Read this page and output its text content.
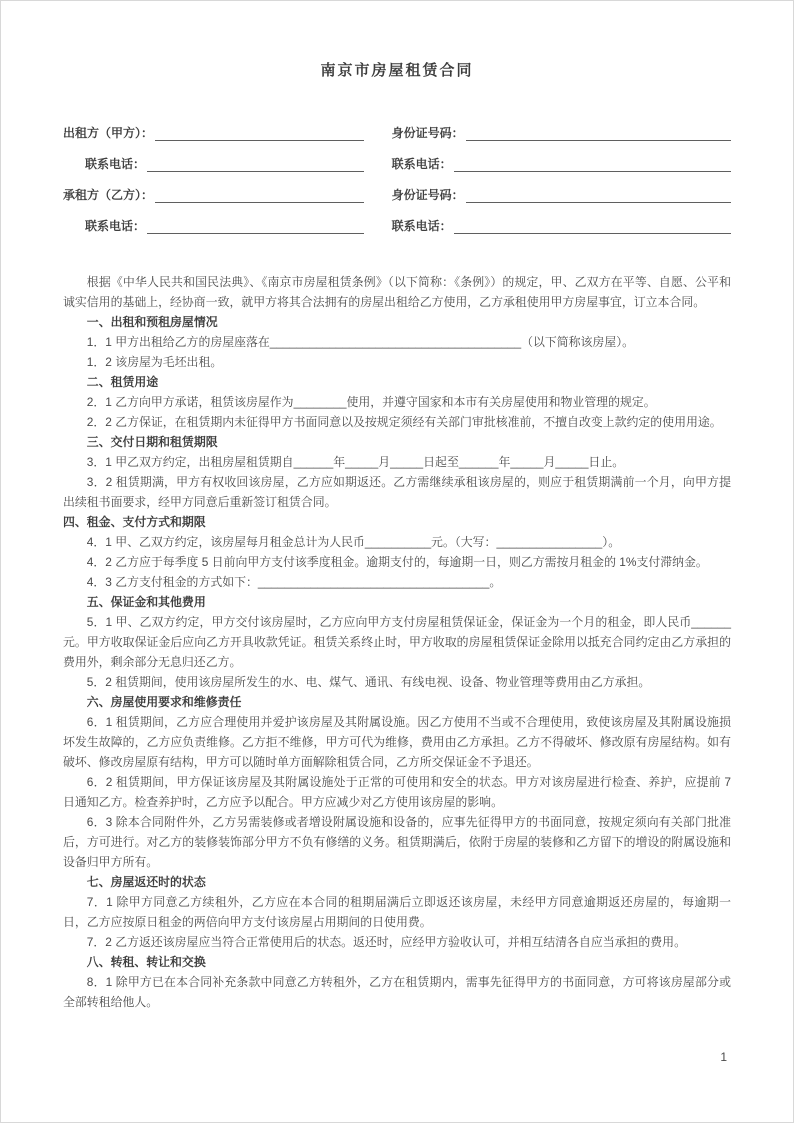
南京市房屋租赁合同
出租方（甲方）：	身份证号码：
联系电话：	联系电话：
承租方（乙方）：	身份证号码：
联系电话：	联系电话：

根据《中华人民共和国民法典》、《南京市房屋租赁条例》（以下简称：《条例》）的规定，甲、乙双方在平等、自愿、公平和诚实信用的基础上，经协商一致，就甲方将其合法拥有的房屋出租给乙方使用，乙方承租使用甲方房屋事宜，订立本合同。

一、出租和预租房屋情况

1．1 甲方出租给乙方的房屋座落在______________________________________（以下简称该房屋）。

1．2 该房屋为毛坯出租。

二、租赁用途

2．1 乙方向甲方承诺，租赁该房屋作为________使用，并遵守国家和本市有关房屋使用和物业管理的规定。

2．2 乙方保证，在租赁期内未征得甲方书面同意以及按规定须经有关部门审批核准前，不擅自改变上款约定的使用用途。

三、交付日期和租赁期限

3．1 甲乙双方约定，出租房屋租赁期自______年_____月_____日起至______年_____月_____日止。

3．2 租赁期满，甲方有权收回该房屋，乙方应如期返还。乙方需继续承租该房屋的，则应于租赁期满前一个月，向甲方提出续租书面要求，经甲方同意后重新签订租赁合同。

四、租金、支付方式和期限

4．1 甲、乙双方约定，该房屋每月租金总计为人民币__________元。（大写：________________）。

4．2 乙方应于每季度 5 日前向甲方支付该季度租金。逾期支付的，每逾期一日，则乙方需按月租金的 1%支付滞纳金。

4．3 乙方支付租金的方式如下：___________________________________。

五、保证金和其他费用

5．1 甲、乙双方约定，甲方交付该房屋时，乙方应向甲方支付房屋租赁保证金，保证金为一个月的租金，即人民币______元。甲方收取保证金后应向乙方开具收款凭证。租赁关系终止时，甲方收取的房屋租赁保证金除用以抵充合同约定由乙方承担的费用外，剩余部分无息归还乙方。

5．2 租赁期间，使用该房屋所发生的水、电、煤气、通讯、有线电视、设备、物业管理等费用由乙方承担。

六、房屋使用要求和维修责任

6．1 租赁期间，乙方应合理使用并爱护该房屋及其附属设施。因乙方使用不当或不合理使用，致使该房屋及其附属设施损坏发生故障的，乙方应负责维修。乙方拒不维修，甲方可代为维修，费用由乙方承担。乙方不得破坏、修改原有房屋结构。如有破坏、修改房屋原有结构，甲方可以随时单方面解除租赁合同，乙方所交保证金不予退还。

6．2 租赁期间，甲方保证该房屋及其附属设施处于正常的可使用和安全的状态。甲方对该房屋进行检查、养护，应提前 7 日通知乙方。检查养护时，乙方应予以配合。甲方应减少对乙方使用该房屋的影响。

6．3 除本合同附件外，乙方另需装修或者增设附属设施和设备的，应事先征得甲方的书面同意，按规定须向有关部门批准后，方可进行。对乙方的装修装饰部分甲方不负有修缮的义务。租赁期满后，依附于房屋的装修和乙方留下的增设的附属设施和设备归甲方所有。

七、房屋返还时的状态

7．1 除甲方同意乙方续租外，乙方应在本合同的租期届满后立即返还该房屋，未经甲方同意逾期返还房屋的，每逾期一日，乙方应按原日租金的两倍向甲方支付该房屋占用期间的日使用费。

7．2 乙方返还该房屋应当符合正常使用后的状态。返还时，应经甲方验收认可，并相互结清各自应当承担的费用。

八、转租、转让和交换

8．1 除甲方已在本合同补充条款中同意乙方转租外，乙方在租赁期内，需事先征得甲方的书面同意，方可将该房屋部分或全部转租给他人。

1
